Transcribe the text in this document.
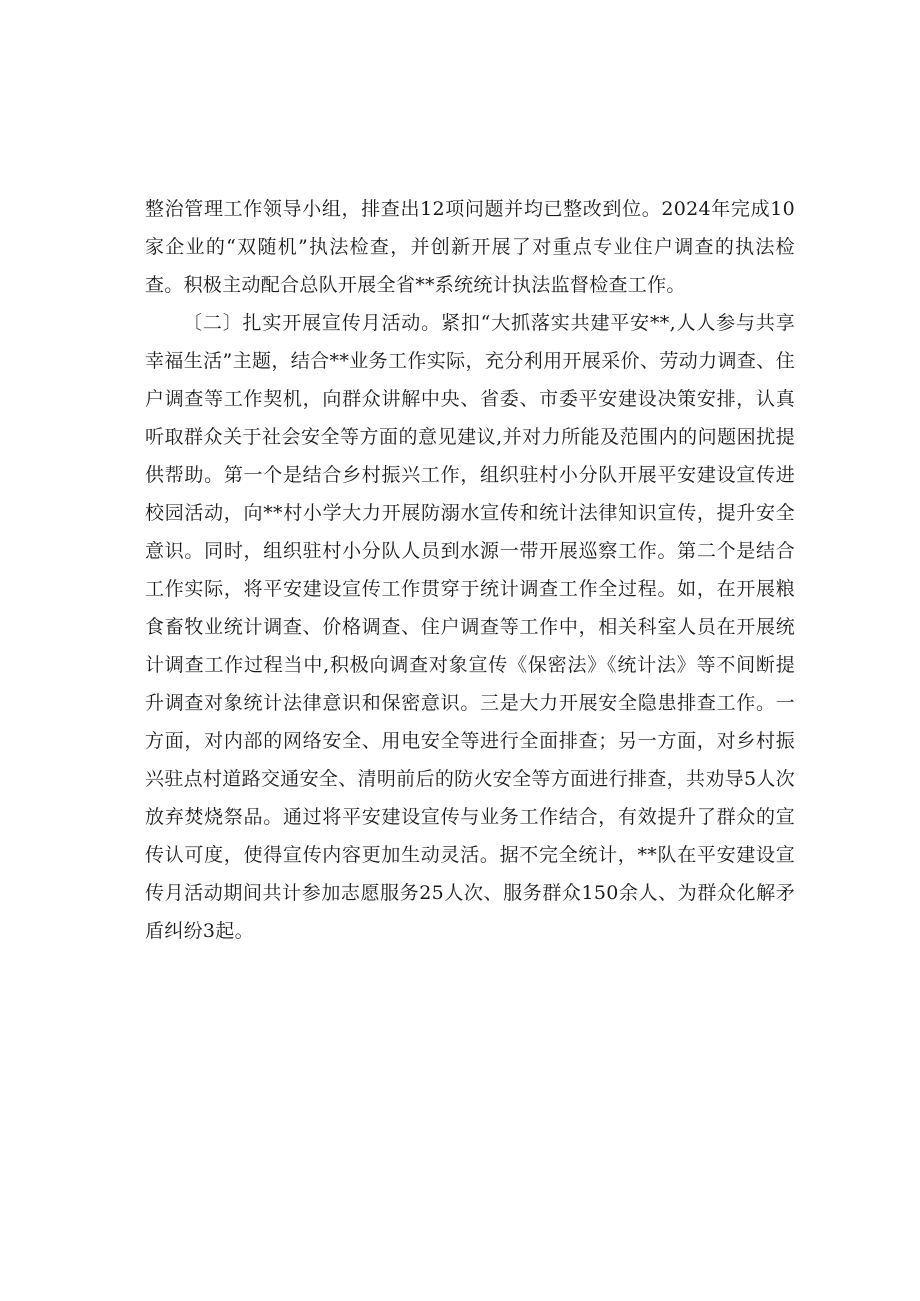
整治管理工作领导小组，排查出12项问题并均已整改到位。2024年完成10家企业的“双随机”执法检查，并创新开展了对重点专业住户调查的执法检查。积极主动配合总队开展全省**系统统计执法监督检查工作。

〔二〕扎实开展宣传月活动。紧扣“大抓落实共建平安**,人人参与共享幸福生活”主题，结合**业务工作实际，充分利用开展采价、劳动力调查、住户调查等工作契机，向群众讲解中央、省委、市委平安建设决策安排，认真听取群众关于社会安全等方面的意见建议,并对力所能及范围内的问题困扰提供帮助。第一个是结合乡村振兴工作，组织驻村小分队开展平安建设宣传进校园活动，向**村小学大力开展防溺水宣传和统计法律知识宣传，提升安全意识。同时，组织驻村小分队人员到水源一带开展巡察工作。第二个是结合工作实际，将平安建设宣传工作贯穿于统计调查工作全过程。如，在开展粮食畜牧业统计调查、价格调查、住户调查等工作中，相关科室人员在开展统计调查工作过程当中,积极向调查对象宣传《保密法》《统计法》等不间断提升调查对象统计法律意识和保密意识。三是大力开展安全隐患排查工作。一方面，对内部的网络安全、用电安全等进行全面排查；另一方面，对乡村振兴驻点村道路交通安全、清明前后的防火安全等方面进行排查，共劝导5人次放弃焚烧祭品。通过将平安建设宣传与业务工作结合，有效提升了群众的宣传认可度，使得宣传内容更加生动灵活。据不完全统计，**队在平安建设宣传月活动期间共计参加志愿服务25人次、服务群众150余人、为群众化解矛盾纠纷3起。
